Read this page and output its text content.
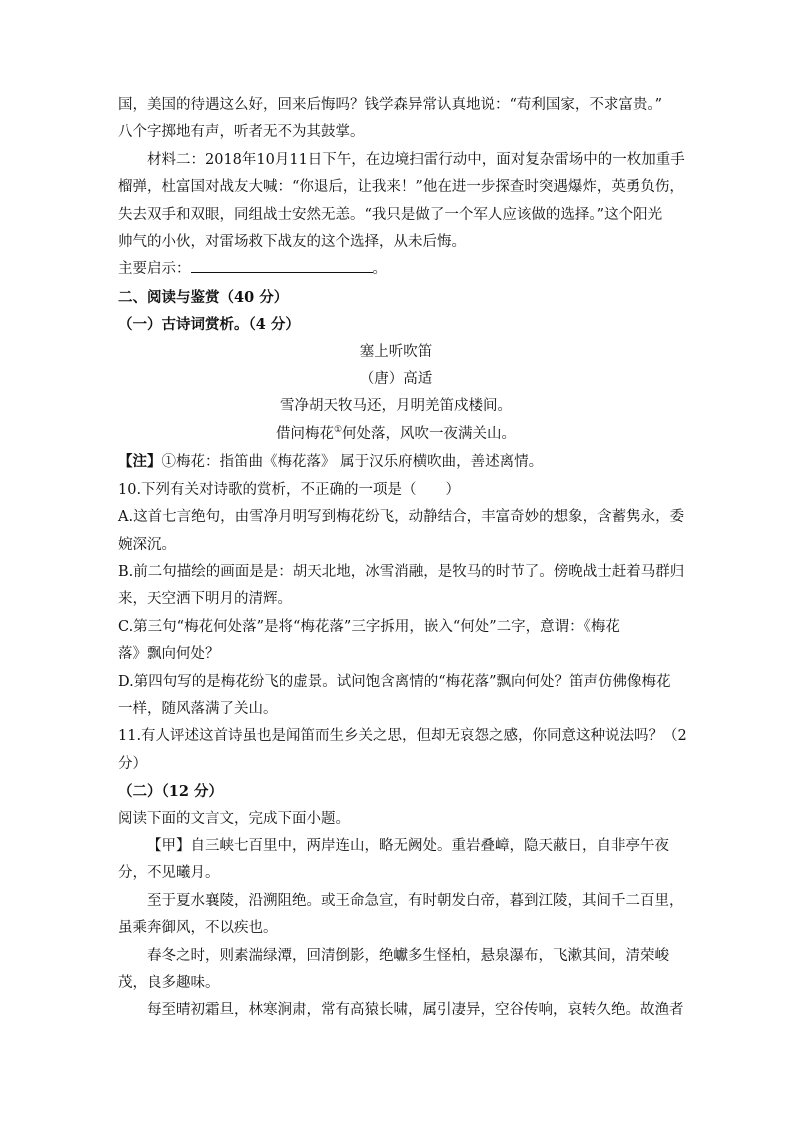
国，美国的待遇这么好，回来后悔吗？钱学森异常认真地说：“苟利国家，不求富贵。”

八个字掷地有声，听者无不为其鼓掌。

材料二：2018年10月11日下午，在边境扫雷行动中，面对复杂雷场中的一枚加重手

榴弹，杜富国对战友大喊：“你退后，让我来！”他在进一步探查时突遇爆炸，英勇负伤，

失去双手和双眼，同组战士安然无恙。“我只是做了一个军人应该做的选择。”这个阳光

帅气的小伙，对雷场救下战友的这个选择，从未后悔。

主要启示：	。

二、阅读与鉴赏（40 分）

（一）古诗词赏析。（4 分）

塞上听吹笛

（唐）高适

雪净胡天牧马还，月明羌笛戍楼间。

借问梅花①何处落，风吹一夜满关山。

【注】①梅花：指笛曲《梅花落》 属于汉乐府横吹曲，善述离情。

10.下列有关对诗歌的赏析，不正确的一项是（　　）

A.这首七言绝句，由雪净月明写到梅花纷飞，动静结合，丰富奇妙的想象，含蓄隽永，委

婉深沉。

B.前二句描绘的画面是是：胡天北地，冰雪消融，是牧马的时节了。傍晚战士赶着马群归

来，天空洒下明月的清辉。

C.第三句“梅花何处落”是将“梅花落”三字拆用，嵌入“何处”二字，意谓：《梅花

落》飘向何处？

D.第四句写的是梅花纷飞的虚景。试问饱含离情的“梅花落”飘向何处？笛声仿佛像梅花

一样，随风落满了关山。

11.有人评述这首诗虽也是闻笛而生乡关之思，但却无哀怨之感，你同意这种说法吗？（2

分）

（二）（12 分）

阅读下面的文言文，完成下面小题。

【甲】自三峡七百里中，两岸连山，略无阙处。重岩叠嶂，隐天蔽日，自非亭午夜

分，不见曦月。

至于夏水襄陵，沿溯阻绝。或王命急宣，有时朝发白帝，暮到江陵，其间千二百里，

虽乘奔御风，不以疾也。

春冬之时，则素湍绿潭，回清倒影，绝巘多生怪柏，悬泉瀑布，飞漱其间，清荣峻

茂，良多趣味。

每至晴初霜旦，林寒涧肃，常有高猿长啸，属引凄异，空谷传响，哀转久绝。故渔者
